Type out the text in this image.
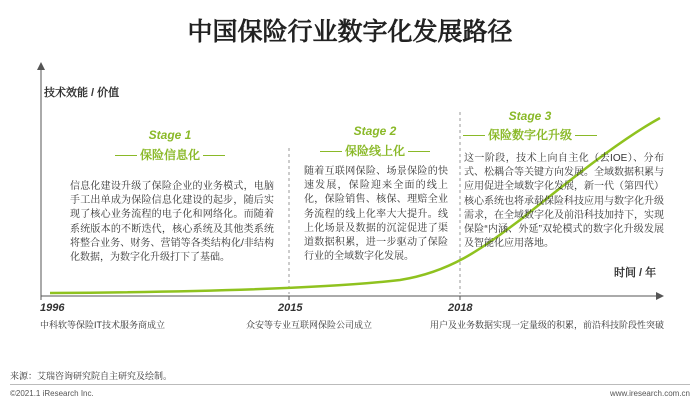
中国保险行业数字化发展路径
技术效能 / 价值
时间 / 年
Stage 1
保险信息化
信息化建设升级了保险企业的业务模式，电脑手工出单成为保险信息化建设的起步，随后实现了核心业务流程的电子化和网络化。而随着系统版本的不断迭代，核心系统及其他类系统将整合业务、财务、营销等各类结构化/非结构化数据，为数字化升级打下了基础。
Stage 2
保险线上化
随着互联网保险、场景保险的快速发展，保险迎来全面的线上化，保险销售、核保、理赔全业务流程的线上化率大大提升。线上化场景及数据的沉淀促进了渠道数据积累，进一步驱动了保险行业的全域数字化发展。
Stage 3
保险数字化升级
这一阶段，技术上向自主化（去IOE）、分布式、松耦合等关键方向发展。全域数据积累与应用促进全域数字化发展，新一代（第四代）核心系统也将承载保险科技应用与数字化升级需求，在全域数字化及前沿科技加持下，实现保险“内涵、外延”双轮模式的数字化升级发展及智能化应用落地。
1996
中科软等保险IT技术服务商成立
2015
众安等专业互联网保险公司成立
2018
用户及业务数据实现一定量级的积累，前沿科技阶段性突破
来源：艾瑞咨询研究院自主研究及绘制。
©2021.1 iResearch Inc.	www.iresearch.com.cn
